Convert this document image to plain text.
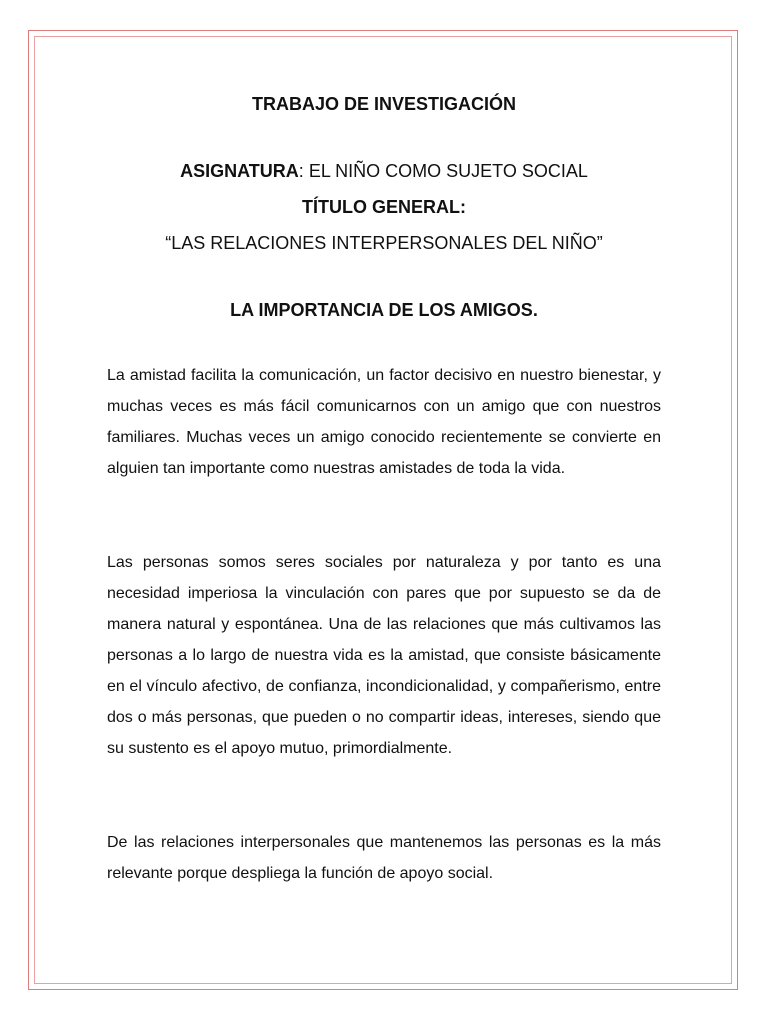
TRABAJO DE INVESTIGACIÓN
ASIGNATURA: EL NIÑO COMO SUJETO SOCIAL
TÍTULO GENERAL:
“LAS RELACIONES INTERPERSONALES DEL NIÑO”
LA IMPORTANCIA DE LOS AMIGOS.

La amistad facilita la comunicación, un factor decisivo en nuestro bienestar, y muchas veces es más fácil comunicarnos con un amigo que con nuestros familiares. Muchas veces un amigo conocido recientemente se convierte en alguien tan importante como nuestras amistades de toda la vida.

Las personas somos seres sociales por naturaleza y por tanto es una necesidad imperiosa la vinculación con pares que por supuesto se da de manera natural y espontánea. Una de las relaciones que más cultivamos las personas a lo largo de nuestra vida es la amistad, que consiste básicamente en el vínculo afectivo, de confianza, incondicionalidad, y compañerismo, entre dos o más personas, que pueden o no compartir ideas, intereses, siendo que su sustento es el apoyo mutuo, primordialmente.

De las relaciones interpersonales que mantenemos las personas es la más relevante porque despliega la función de apoyo social.
